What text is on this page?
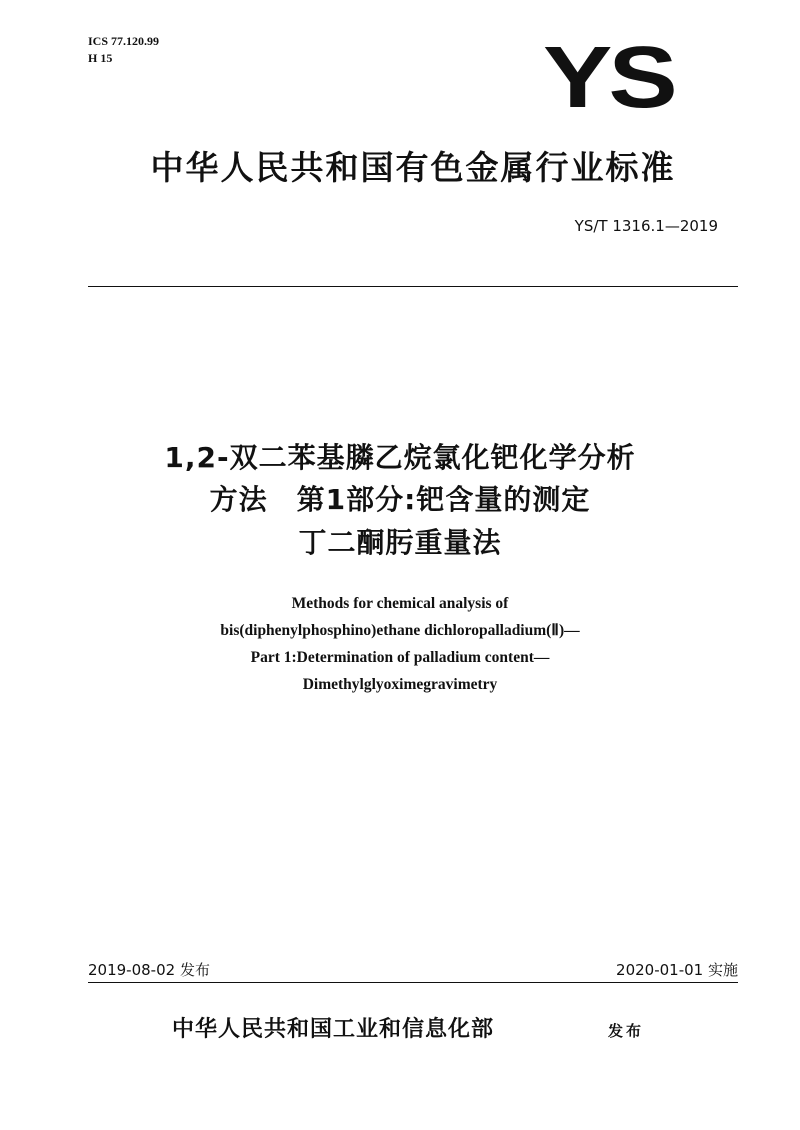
ICS 77.120.99
H 15	YS
中华人民共和国有色金属行业标准
YS/T 1316.1—2019
1,2-双二苯基膦乙烷氯化钯化学分析
方法　第1部分:钯含量的测定
丁二酮肟重量法
Methods for chemical analysis of
bis(diphenylphosphino)ethane dichloropalladium(Ⅱ)—
Part 1:Determination of palladium content—
Dimethylglyoximegravimetry
2019-08-02 发布	2020-01-01 实施
中华人民共和国工业和信息化部	发布
